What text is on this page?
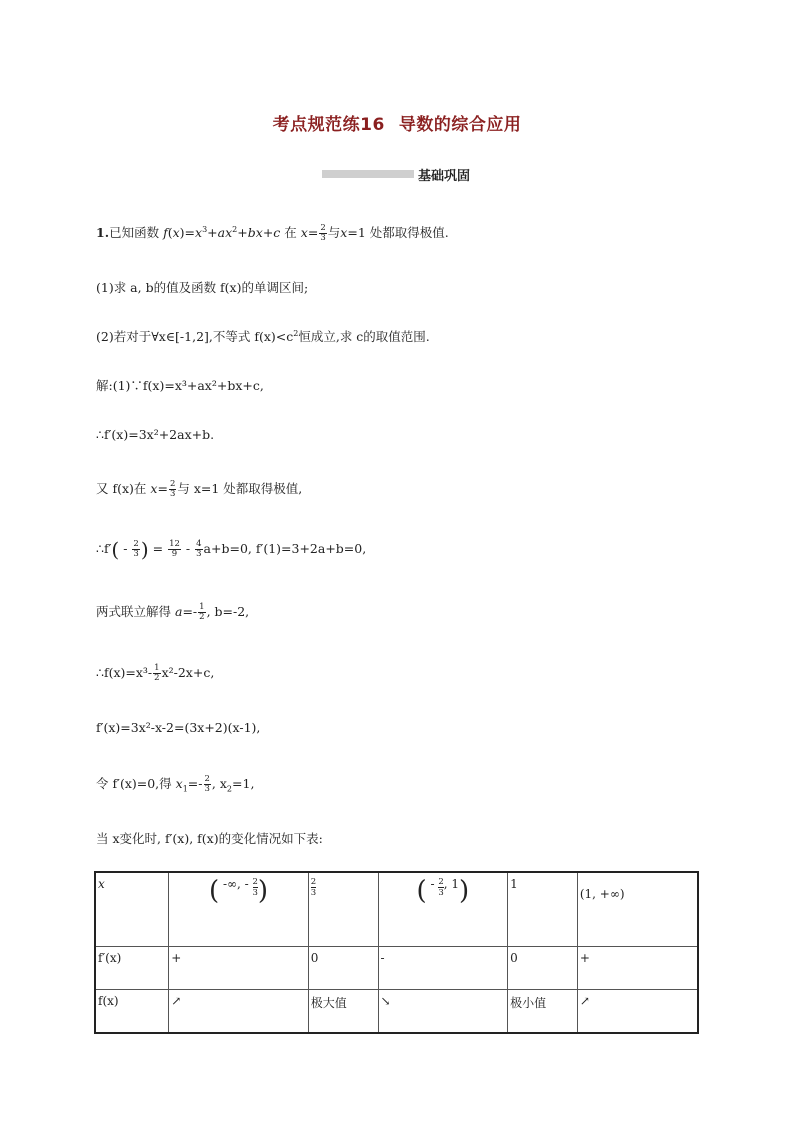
考点规范练16 导数的综合应用
基础巩固
1.已知函数 $f(x)=x^3+ax^2+bx+c$ 在 $x= \frac{2}{3}$ 与x=1 处都取得极值.
(1)求 a, b的值及函数 f(x)的单调区间;
(2)若对于∀x∈[-1,2],不等式 $f(x)<c^2$恒成立,求 c的取值范围.
解:(1)∵f(x)=x³+ax²+bx+c,
∴f′(x)=3x²+2ax+b.
又 f(x)在 $x= \frac{2}{3}$ 与 x=1 处都取得极值,
∴f′( - $\frac{2}{3}$ ) = $\frac{12}{9} - \frac{4}{3} a+b=0$, f′(1)=3+2a+b=0,
两式联立解得 $a=- \frac{1}{2}$ , b=-2,
∴f(x)=x³- $\frac{1}{2} x^2-2x+c$,
f′(x)=3x²-x-2=(3x+2)(x-1),
令 f′(x)=0,得 $x_1=- \frac{2}{3}$ , $x_2=1$,
当 x变化时, f′(x), f(x)的变化情况如下表:
x	( -∞, - $\frac{2}{3}$ )	$\frac{2}{3}$	( - $\frac{2}{3}$ , 1)	1	(1, +∞)
f′(x)	+	0	-	0	+
f(x)	↗	极大值	↘	极小值	↗
